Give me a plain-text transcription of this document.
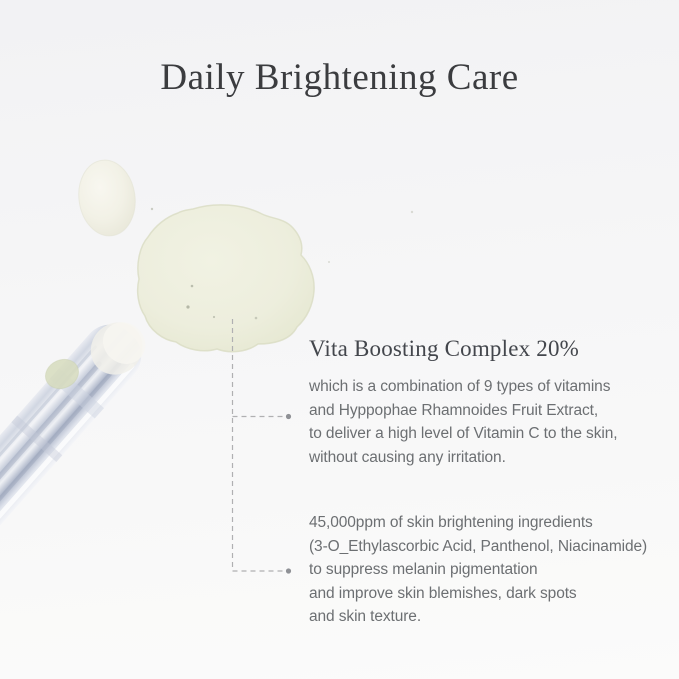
Daily Brightening Care
Vita Boosting Complex 20%
which is a combination of 9 types of vitamins
and Hyppophae Rhamnoides Fruit Extract,
to deliver a high level of Vitamin C to the skin,
without causing any irritation.
45,000ppm of skin brightening ingredients
(3-O_Ethylascorbic Acid, Panthenol, Niacinamide)
to suppress melanin pigmentation
and improve skin blemishes, dark spots
and skin texture.
